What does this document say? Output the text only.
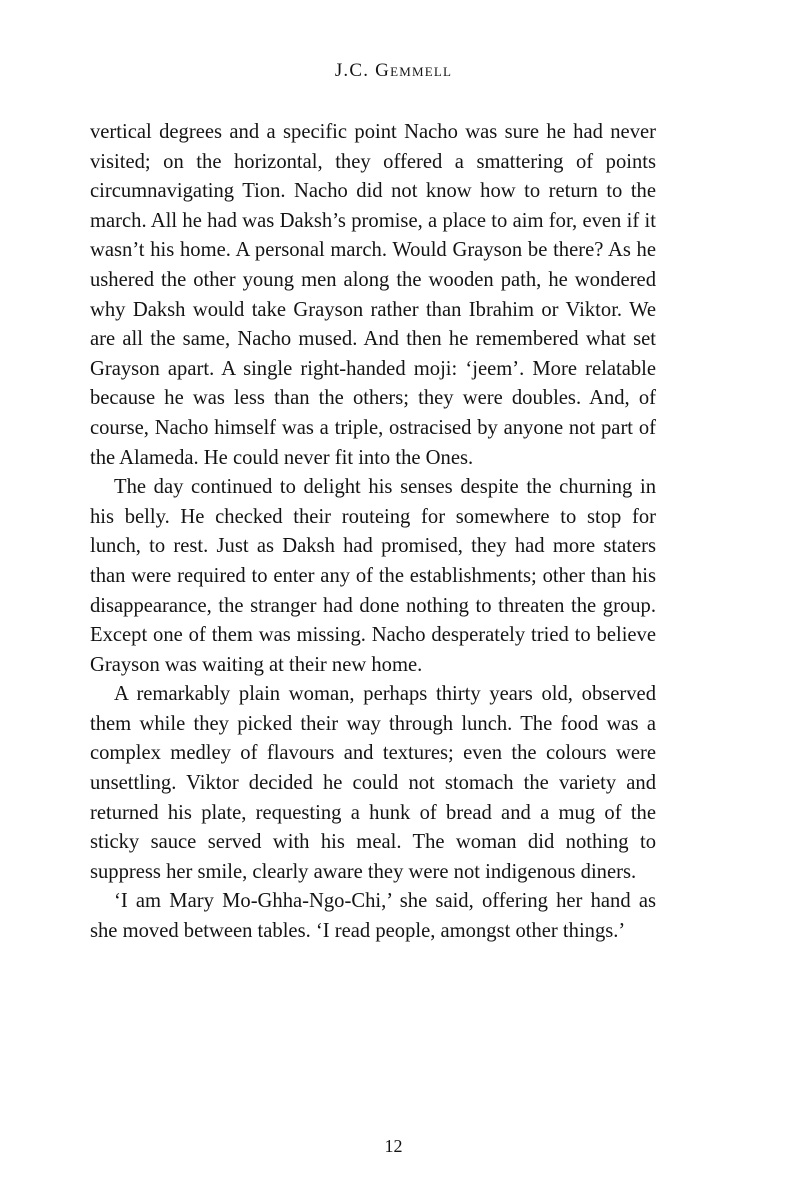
J.C. Gemmell

vertical degrees and a specific point Nacho was sure he had never visited; on the horizontal, they offered a smattering of points circumnavigating Tion. Nacho did not know how to return to the march. All he had was Daksh’s promise, a place to aim for, even if it wasn’t his home. A personal march. Would Grayson be there? As he ushered the other young men along the wooden path, he wondered why Daksh would take Grayson rather than Ibrahim or Viktor. We are all the same, Nacho mused. And then he remembered what set Grayson apart. A single right-handed moji: ‘jeem’. More relatable because he was less than the others; they were doubles. And, of course, Nacho himself was a triple, ostracised by anyone not part of the Alameda. He could never fit into the Ones.

The day continued to delight his senses despite the churning in his belly. He checked their routeing for somewhere to stop for lunch, to rest. Just as Daksh had promised, they had more staters than were required to enter any of the establishments; other than his disappearance, the stranger had done nothing to threaten the group. Except one of them was missing. Nacho desperately tried to believe Grayson was waiting at their new home.

A remarkably plain woman, perhaps thirty years old, observed them while they picked their way through lunch. The food was a complex medley of flavours and textures; even the colours were unsettling. Viktor decided he could not stomach the variety and returned his plate, requesting a hunk of bread and a mug of the sticky sauce served with his meal. The woman did nothing to suppress her smile, clearly aware they were not indigenous diners.

‘I am Mary Mo-Ghha-Ngo-Chi,’ she said, offering her hand as she moved between tables. ‘I read people, amongst other things.’

12
